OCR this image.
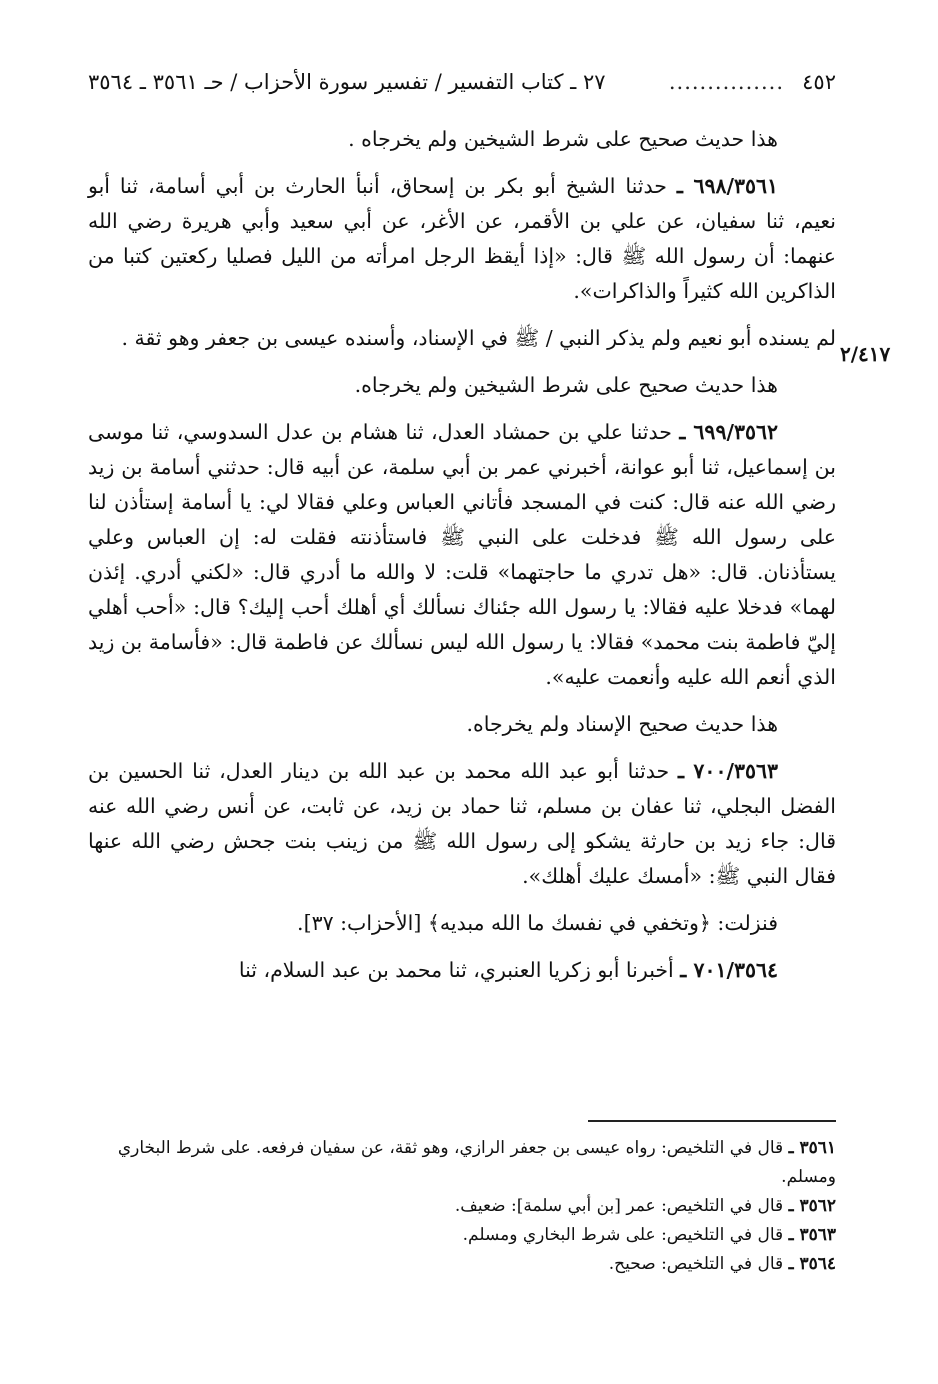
٤٥٢
...............
٢٧ ـ كتاب التفسير / تفسير سورة الأحزاب / حـ ٣٥٦١ ـ ٣٥٦٤
٢/٤١٧

هذا حديث صحيح على شرط الشيخين ولم يخرجاه .

٦٩٨/٣٥٦١ ـ حدثنا الشيخ أبو بكر بن إسحاق، أنبأ الحارث بن أبي أسامة، ثنا أبو نعيم، ثنا سفيان، عن علي بن الأقمر، عن الأغر، عن أبي سعيد وأبي هريرة رضي الله عنهما: أن رسول الله ﷺ قال: «إذا أيقظ الرجل امرأته من الليل فصليا ركعتين كتبا من الذاكرين الله كثيراً والذاكرات».

لم يسنده أبو نعيم ولم يذكر النبي / ﷺ في الإسناد، وأسنده عيسى بن جعفر وهو ثقة .

هذا حديث صحيح على شرط الشيخين ولم يخرجاه.

٦٩٩/٣٥٦٢ ـ حدثنا علي بن حمشاد العدل، ثنا هشام بن عدل السدوسي، ثنا موسى بن إسماعيل، ثنا أبو عوانة، أخبرني عمر بن أبي سلمة، عن أبيه قال: حدثني أسامة بن زيد رضي الله عنه قال: كنت في المسجد فأتاني العباس وعلي فقالا لي: يا أسامة إستأذن لنا على رسول الله ﷺ فدخلت على النبي ﷺ فاستأذنته فقلت له: إن العباس وعلي يستأذنان. قال: «هل تدري ما حاجتهما» قلت: لا والله ما أدري قال: «لكني أدري. إئذن لهما» فدخلا عليه فقالا: يا رسول الله جئناك نسألك أي أهلك أحب إليك؟ قال: «أحب أهلي إليّ فاطمة بنت محمد» فقالا: يا رسول الله ليس نسألك عن فاطمة قال: «فأسامة بن زيد الذي أنعم الله عليه وأنعمت عليه».

هذا حديث صحيح الإسناد ولم يخرجاه.

٧٠٠/٣٥٦٣ ـ حدثنا أبو عبد الله محمد بن عبد الله بن دينار العدل، ثنا الحسين بن الفضل البجلي، ثنا عفان بن مسلم، ثنا حماد بن زيد، عن ثابت، عن أنس رضي الله عنه قال: جاء زيد بن حارثة يشكو إلى رسول الله ﷺ من زينب بنت جحش رضي الله عنها فقال النبي ﷺ: «أمسك عليك أهلك».

فنزلت: ﴿وتخفي في نفسك ما الله مبديه﴾ [الأحزاب: ٣٧].

٧٠١/٣٥٦٤ ـ أخبرنا أبو زكريا العنبري، ثنا محمد بن عبد السلام، ثنا

٣٥٦١ ـ قال في التلخيص: رواه عيسى بن جعفر الرازي، وهو ثقة، عن سفيان فرفعه. على شرط البخاري ومسلم.

٣٥٦٢ ـ قال في التلخيص: عمر [بن أبي سلمة]: ضعيف.

٣٥٦٣ ـ قال في التلخيص: على شرط البخاري ومسلم.

٣٥٦٤ ـ قال في التلخيص: صحيح.
